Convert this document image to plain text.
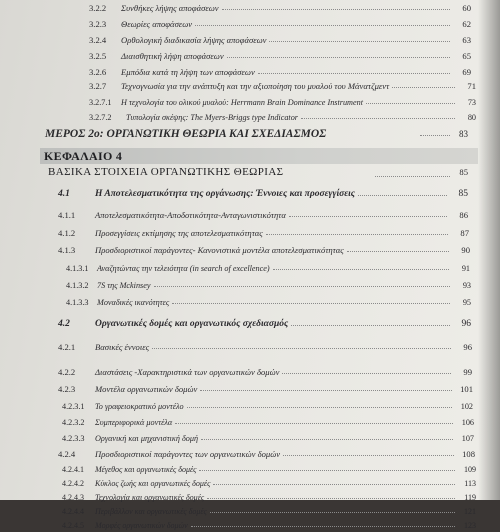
3.2.2 Συνθήκες λήψης αποφάσεων	60
3.2.3 Θεωρίες αποφάσεων	62
3.2.4 Ορθολογική διαδικασία λήψης αποφάσεων	63
3.2.5 Διαισθητική λήψη αποφάσεων	65
3.2.6 Εμπόδια κατά τη λήψη των αποφάσεων	69
3.2.7 Τεχνογνωσία για την ανάπτυξη και την αξιοποίηση του μυαλού του Μάνατζμεντ	71
3.2.7.1 Η τεχνολογία του ολικού μυαλού: Herrmann Brain Dominance Instrument	73
3.2.7.2 Τυπολογία σκέψης: The Myers-Briggs type Indicator	80
ΜΕΡΟΣ 2ο: ΟΡΓΑΝΩΤΙΚΗ ΘΕΩΡΙΑ ΚΑΙ ΣΧΕΔΙΑΣΜΟΣ	83
ΚΕΦΑΛΑΙΟ 4
ΒΑΣΙΚΑ ΣΤΟΙΧΕΙΑ ΟΡΓΑΝΩΤΙΚΗΣ ΘΕΩΡΙΑΣ	85
4.1	Η Αποτελεσματικότητα της οργάνωσης: Έννοιες και προσεγγίσεις	85
4.1.1 Αποτελεσματικότητα-Αποδοτικότητα-Ανταγωνιστικότητα	86
4.1.2 Προσεγγίσεις εκτίμησης της αποτελεσματικότητας	87
4.1.3 Προσδιοριστικοί παράγοντες- Κανονιστικά μοντέλα αποτελεσματικότητας	90
4.1.3.1 Αναζητώντας την τελειότητα (in search of excellence)	91
4.1.3.2 7S της Mckinsey	93
4.1.3.3 Μοναδικές ικανότητες	95
4.2	Οργανωτικές δομές και οργανωτικός σχεδιασμός	96
4.2.1 Βασικές έννοιες	96
4.2.2 Διαστάσεις -Χαρακτηριστικά των οργανωτικών δομών	99
4.2.3 Μοντέλα οργανωτικών δομών	101
4.2.3.1 Το γραφειοκρατικό μοντέλο	102
4.2.3.2 Συμπεριφορικά μοντέλα	106
4.2.3.3 Οργανική και μηχανιστική δομή	107
4.2.4 Προσδιοριστικοί παράγοντες των οργανωτικών δομών	108
4.2.4.1 Μέγεθος και οργανωτικές δομές	109
4.2.4.2 Κύκλος ζωής και οργανωτικές δομές	113
4.2.4.3 Τεχνολογία και οργανωτικές δομές	119
4.2.4.4 Περιβάλλον και οργανωτικές δομές	121
4.2.4.5 Μορφές οργανωτικών δομών	123
